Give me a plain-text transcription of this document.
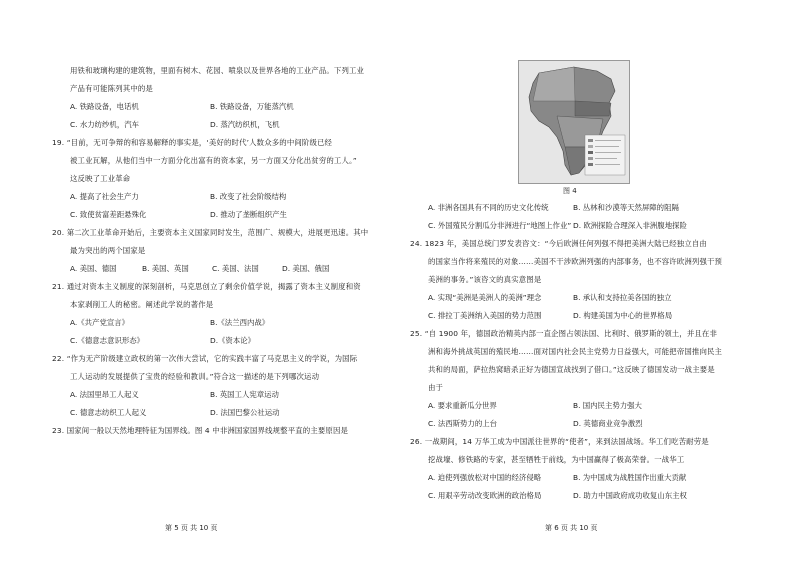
用铁和玻璃构建的建筑物，里面有树木、花园、喷泉以及世界各地的工业产品。下列工业
产品有可能陈列其中的是
A. 铁路设备，电话机	B. 铁路设备，万能蒸汽机
C. 水力纺纱机，汽车	D. 蒸汽纺织机，飞机
19. “目前，无可争辩的和容易解释的事实是，‘美好的时代’人数众多的中间阶级已经
被工业瓦解，从他们当中一方面分化出富有的资本家，另一方面又分化出贫穷的工人。”
这反映了工业革命
A. 提高了社会生产力	B. 改变了社会阶级结构
C. 致使贫富差距悬殊化	D. 推动了垄断组织产生
20. 第二次工业革命开始后，主要资本主义国家同时发生，范围广、规模大，进展更迅速。其中
最为突出的两个国家是
A. 美国、德国	B. 美国、英国	C. 美国、法国	D. 美国、俄国
21. 通过对资本主义制度的深刻剖析，马克思创立了剩余价值学说，揭露了资本主义制度和资
本家剥削工人的秘密。阐述此学说的著作是
A.《共产党宣言》	B.《法兰西内战》
C.《德意志意识形态》	D.《资本论》
22. “作为无产阶级建立政权的第一次伟大尝试，它的实践丰富了马克思主义的学说，为国际
工人运动的发展提供了宝贵的经验和教训。”符合这一描述的是下列哪次运动
A. 法国里昂工人起义	B. 英国工人宪章运动
C. 德意志纺织工人起义	D. 法国巴黎公社运动
23. 国家间一般以天然地理特征为国界线。图 4 中非洲国家国界线规整平直的主要原因是
第 5 页 共 10 页
图 4
A. 非洲各国具有不同的历史文化传统	B. 丛林和沙漠等天然屏障的阻隔
C. 外国殖民分割瓜分非洲进行“地图上作业” D. 欧洲探险合理深入非洲腹地探险
24. 1823 年，美国总统门罗发表咨文：“今后欧洲任何列强不得把美洲大陆已经独立自由
的国家当作将来殖民的对象……美国不干涉欧洲列强的内部事务，也不容许欧洲列强干预
美洲的事务。”该咨文的真实意图是
A. 实现“美洲是美洲人的美洲”理念	B. 承认和支持拉美各国的独立
C. 排拉丁美洲纳入美国的势力范围	D. 构建美国为中心的世界格局
25. “自 1900 年，德国政治精英内部一直企图占领法国、比利时、俄罗斯的领土，并且在非
洲和海外挑战英国的殖民地……面对国内社会民主党势力日益强大，可能把帝国推向民主
共和的局面，萨拉热窝暗杀正好为德国宣战找到了借口。”这反映了德国发动一战主要是
由于
A. 要求重新瓜分世界	B. 国内民主势力强大
C. 法西斯势力的上台	D. 英德商业竞争激烈
26. 一战期间，14 万华工成为中国派往世界的“使者”，来到法国战场。华工们吃苦耐劳是
挖战壕、修铁路的专家，甚至牺牲于前线，为中国赢得了极高荣誉。一战华工
A. 迫使列强放松对中国的经济侵略	B. 为中国成为战胜国作出重大贡献
C. 用艰辛劳动改变欧洲的政治格局	D. 助力中国政府成功收复山东主权
第 6 页 共 10 页
